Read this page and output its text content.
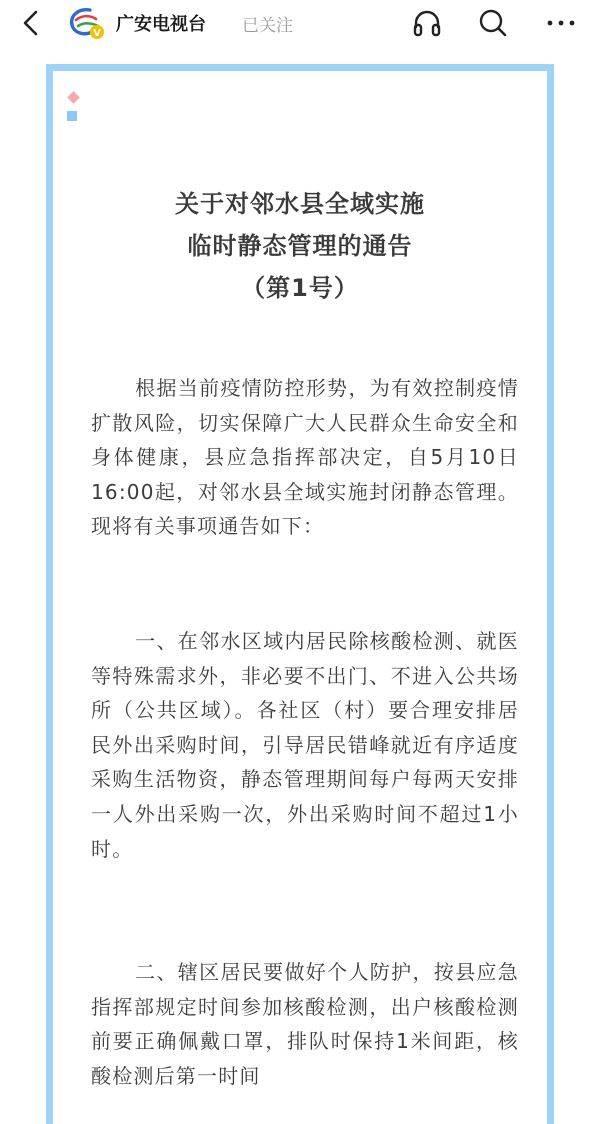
V 广安电视台 已关注
关于对邻水县全域实施
临时静态管理的通告
（第1号）

根据当前疫情防控形势，为有效控制疫情扩散风险，切实保障广大人民群众生命安全和身体健康，县应急指挥部决定，自5月10日16:00起，对邻水县全域实施封闭静态管理。现将有关事项通告如下：

一、在邻水区域内居民除核酸检测、就医等特殊需求外，非必要不出门、不进入公共场所（公共区域）。各社区（村）要合理安排居民外出采购时间，引导居民错峰就近有序适度采购生活物资，静态管理期间每户每两天安排一人外出采购一次，外出采购时间不超过1小时。

二、辖区居民要做好个人防护，按县应急指挥部规定时间参加核酸检测，出户核酸检测前要正确佩戴口罩，排队时保持1米间距，核酸检测后第一时间
